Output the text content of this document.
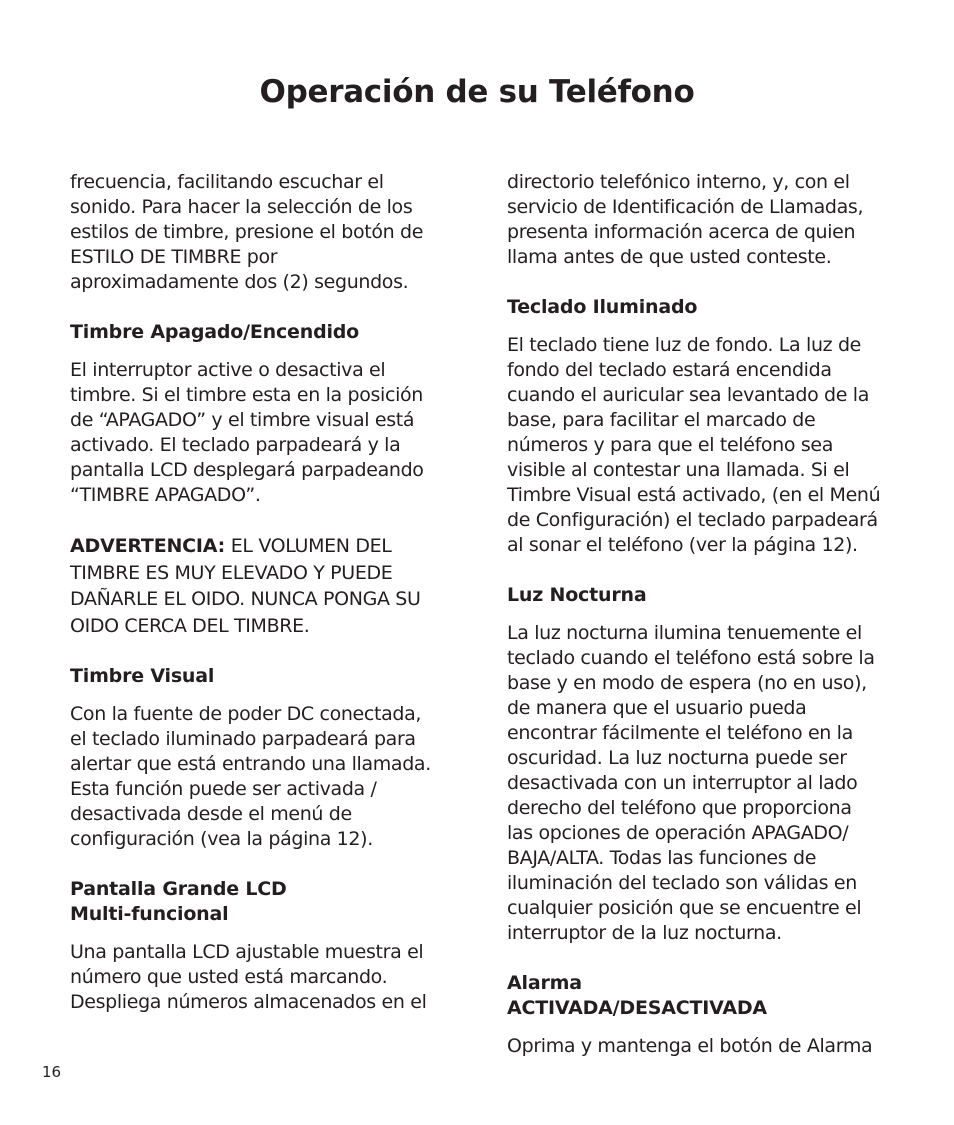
Operación de su Teléfono

frecuencia, facilitando escuchar el
sonido. Para hacer la selección de los
estilos de timbre, presione el botón de
ESTILO DE TIMBRE por
aproximadamente dos (2) segundos.

Timbre Apagado/Encendido

El interruptor active o desactiva el
timbre. Si el timbre esta en la posición
de “APAGADO” y el timbre visual está
activado. El teclado parpadeará y la
pantalla LCD desplegará parpadeando
“TIMBRE APAGADO”.

ADVERTENCIA: EL VOLUMEN DEL TIMBRE ES MUY ELEVADO Y PUEDE DAÑARLE EL OIDO. NUNCA PONGA SU OIDO CERCA DEL TIMBRE.

Timbre Visual

Con la fuente de poder DC conectada,
el teclado iluminado parpadeará para
alertar que está entrando una llamada.
Esta función puede ser activada /
desactivada desde el menú de
configuración (vea la página 12).

Pantalla Grande LCD
Multi-funcional

Una pantalla LCD ajustable muestra el
número que usted está marcando.
Despliega números almacenados en el

directorio telefónico interno, y, con el
servicio de Identificación de Llamadas,
presenta información acerca de quien
llama antes de que usted conteste.

Teclado Iluminado

El teclado tiene luz de fondo. La luz de
fondo del teclado estará encendida
cuando el auricular sea levantado de la
base, para facilitar el marcado de
números y para que el teléfono sea
visible al contestar una llamada. Si el
Timbre Visual está activado, (en el Menú
de Configuración) el teclado parpadeará
al sonar el teléfono (ver la página 12).

Luz Nocturna

La luz nocturna ilumina tenuemente el
teclado cuando el teléfono está sobre la
base y en modo de espera (no en uso),
de manera que el usuario pueda
encontrar fácilmente el teléfono en la
oscuridad. La luz nocturna puede ser
desactivada con un interruptor al lado
derecho del teléfono que proporciona
las opciones de operación APAGADO/
BAJA/ALTA. Todas las funciones de
iluminación del teclado son válidas en
cualquier posición que se encuentre el
interruptor de la luz nocturna.

Alarma
ACTIVADA/DESACTIVADA

Oprima y mantenga el botón de Alarma

16
